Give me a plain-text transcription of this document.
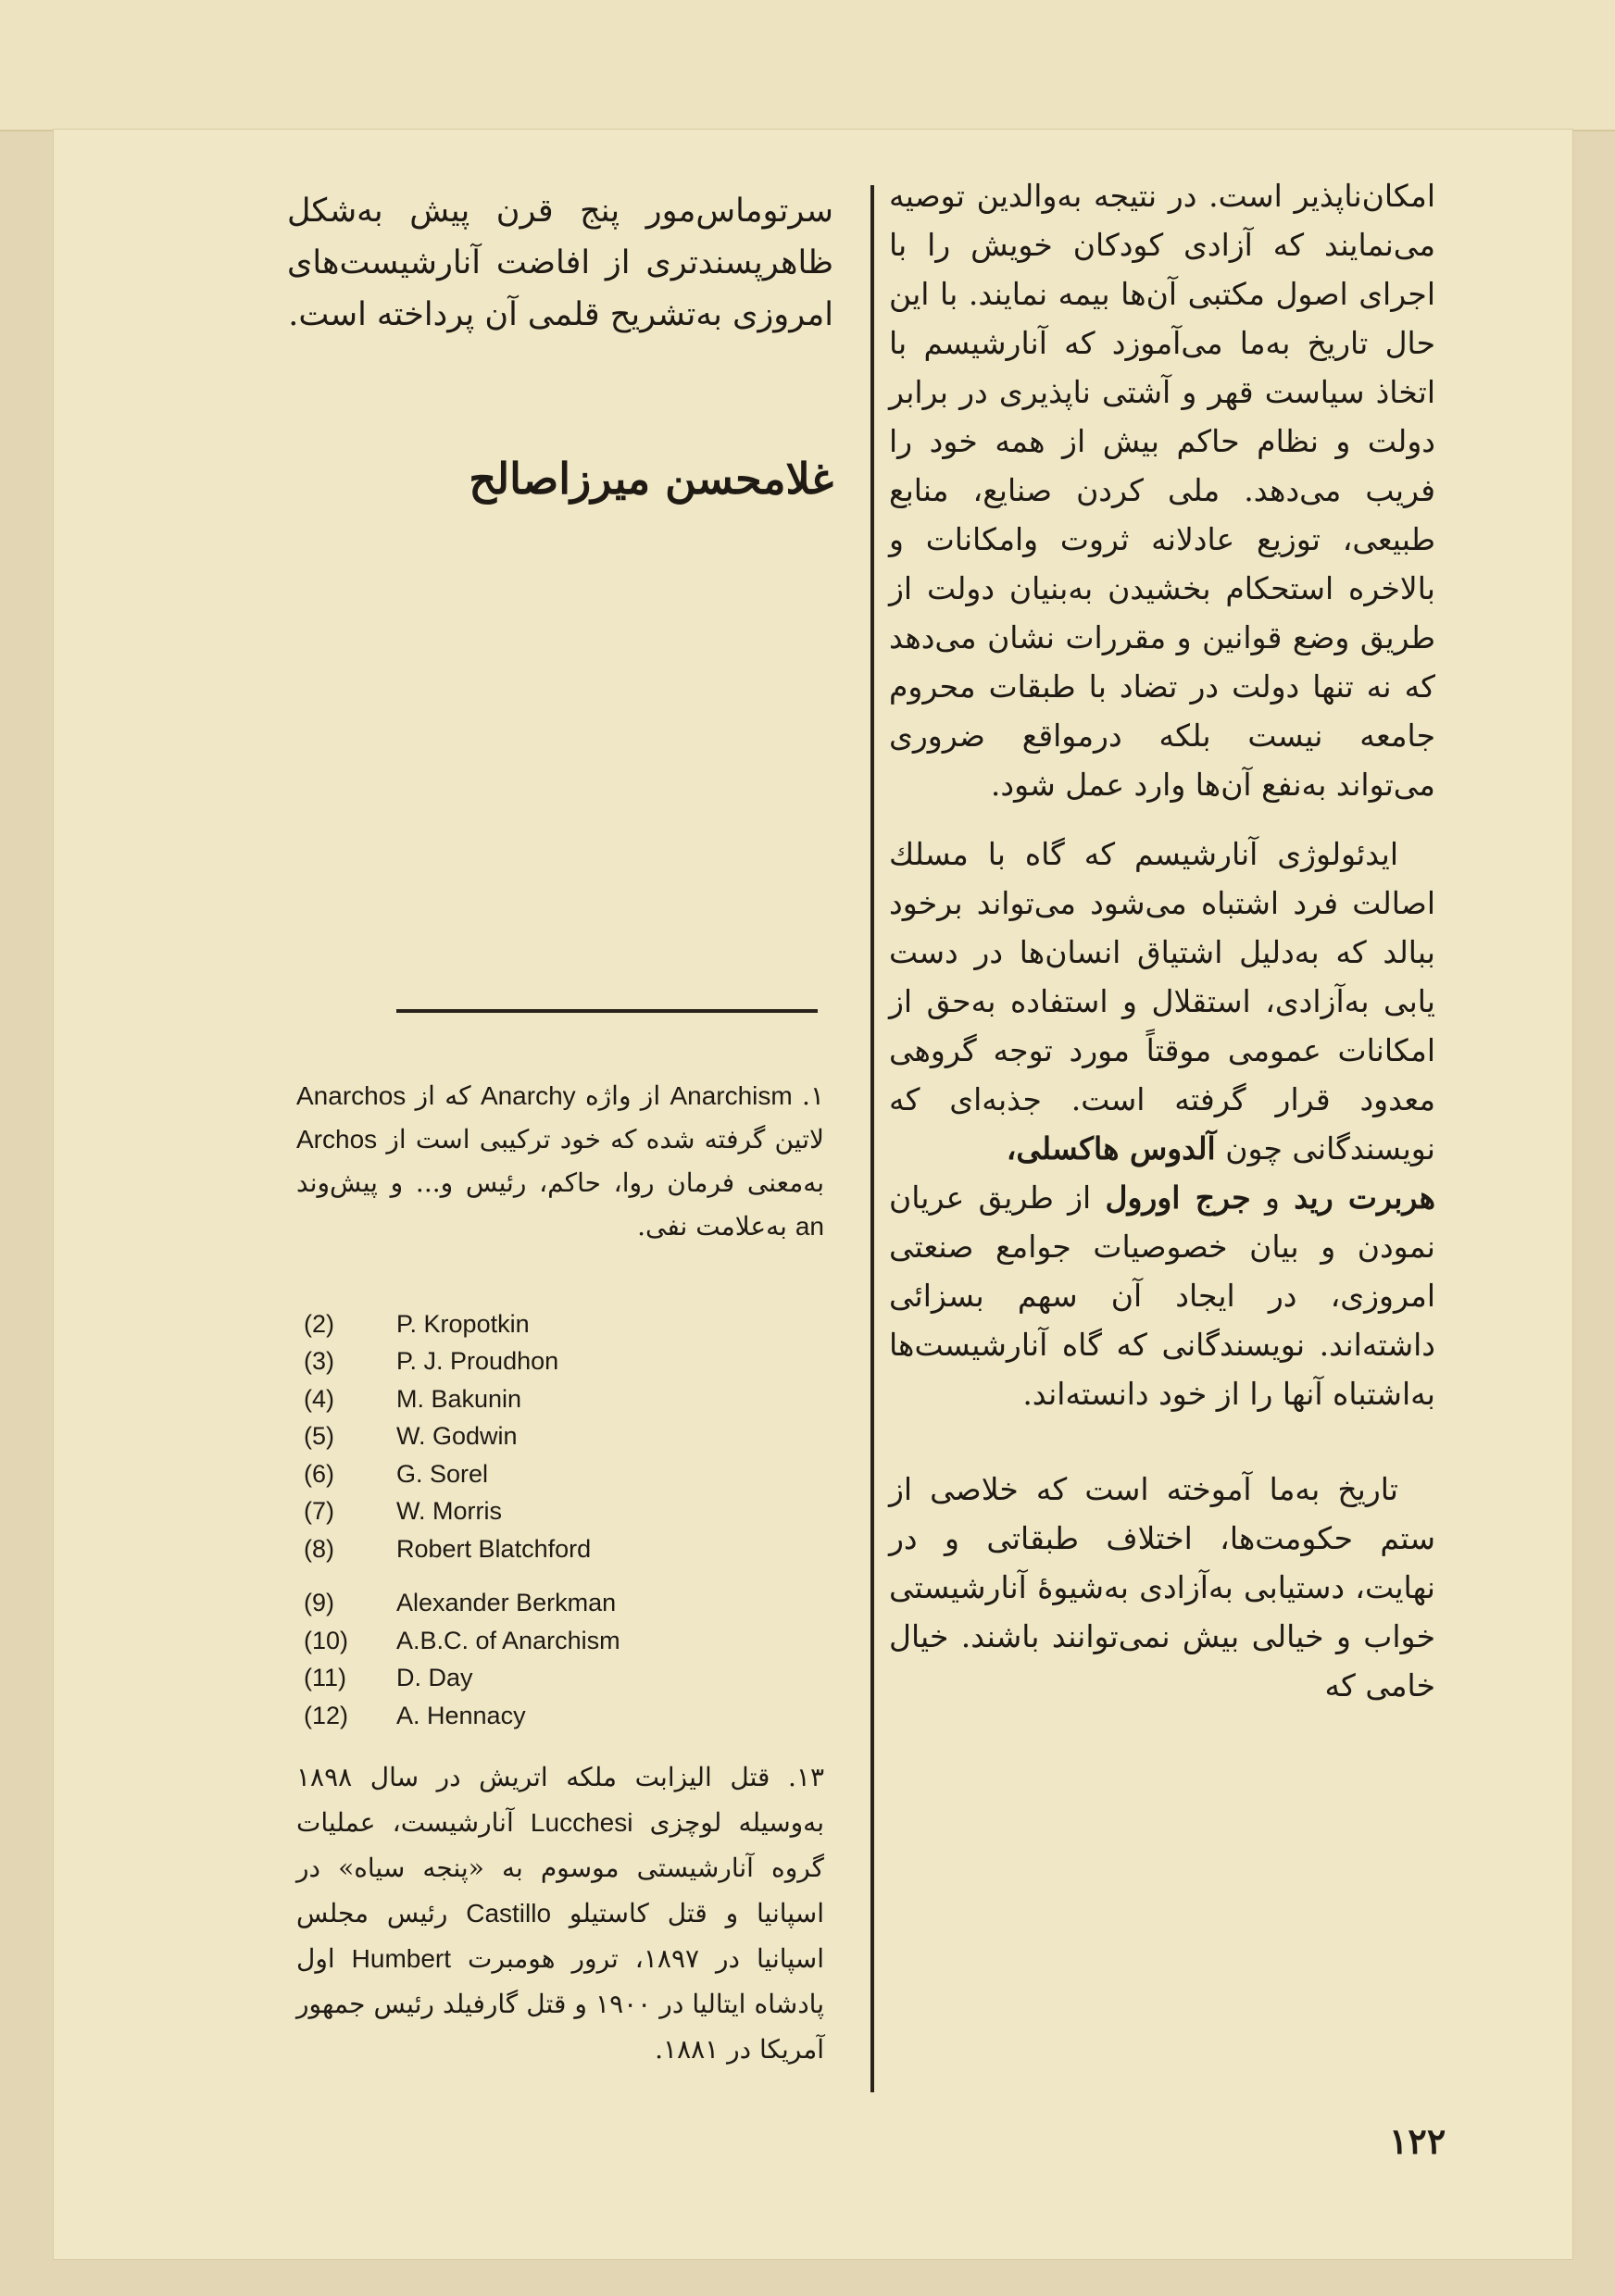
امکان‌ناپذیر است. در نتیجه به‌والدین توصیه می‌نمایند که آزادی کودکان خویش را با اجرای اصول مکتبی آن‌ها بیمه نمایند. با این حال تاریخ به‌ما می‌آموزد که آنارشیسم با اتخاذ سیاست قهر و آشتی ناپذیری در برابر دولت و نظام حاکم بیش از همه خود را فریب می‌دهد. ملی کردن صنایع، منابع طبیعی، توزیع عادلانه ثروت وامکانات و بالاخره استحکام بخشیدن به‌بنیان دولت از طریق وضع قوانین و مقررات نشان می‌دهد که نه تنها دولت در تضاد با طبقات محروم جامعه نیست بلکه درمواقع ضروری می‌تواند به‌نفع آن‌ها وارد عمل شود.

ایدئولوژی آنارشیسم که گاه با مسلك اصالت فرد اشتباه می‌شود می‌تواند برخود ببالد که به‌دلیل اشتیاق انسان‌ها در دست یابی به‌آزادی، استقلال و استفاده به‌حق از امکانات عمومی موقتاً مورد توجه گروهی معدود قرار گرفته است. جذبه‌ای که نویسندگانی چون آلدوس هاکسلی،
هربرت رید و جرج اورول از طریق عریان نمودن و بیان خصوصیات جوامع صنعتی امروزی، در ایجاد آن سهم بسزائی داشته‌اند. نویسندگانی که گاه آنارشیست‌ها به‌اشتباه آنها را از خود دانسته‌اند.

تاریخ به‌ما آموخته است که خلاصی از ستم حکومت‌ها، اختلاف طبقاتی و در نهایت، دستیابی به‌آزادی به‌شیوهٔ آنارشیستی خواب و خیالی بیش نمی‌توانند باشند. خیال خامی که

سرتوماس‌مور پنج قرن پیش به‌شکل ظاهرپسندتری از افاضت آنارشیست‌های امروزی به‌تشریح قلمی آن پرداخته است.
غلامحسن میرزاصالح
۱. Anarchism از واژه Anarchy که از Anarchos لاتین گرفته شده که خود ترکیبی است از Archos به‌معنی فرمان روا، حاکم، رئیس و... و پیش‌وند an به‌علامت نفی.
(2)	P. Kropotkin
(3)	P. J. Proudhon
(4)	M. Bakunin
(5)	W. Godwin
(6)	G. Sorel
(7)	W. Morris
(8)	Robert Blatchford
(9)	Alexander Berkman
(10)	A.B.C. of Anarchism
(11)	D. Day
(12)	A. Hennacy
۱۳. قتل الیزابت ملکه اتریش در سال ۱۸۹۸ به‌وسیله لوچزی Lucchesi آنارشیست، عملیات گروه آنارشیستی موسوم به «پنجه سیاه» در اسپانیا و قتل کاستیلو Castillo رئیس مجلس اسپانیا در ۱۸۹۷، ترور هومبرت Humbert اول پادشاه ایتالیا در ۱۹۰۰ و قتل گارفیلد رئیس جمهور آمریکا در ۱۸۸۱.
۱۲۲
